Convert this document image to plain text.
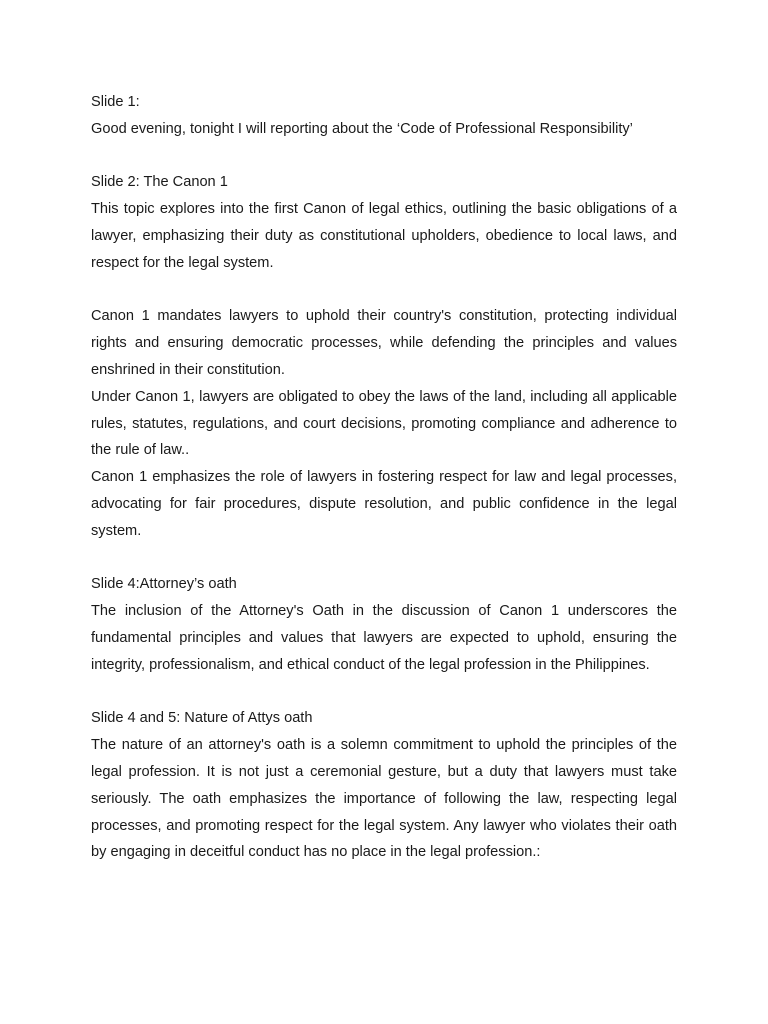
Slide 1:

Good evening, tonight I will reporting about the ‘Code of Professional Responsibility’

Slide 2: The Canon 1

This topic explores into the first Canon of legal ethics, outlining the basic obligations of a lawyer, emphasizing their duty as constitutional upholders, obedience to local laws, and respect for the legal system.

Canon 1 mandates lawyers to uphold their country's constitution, protecting individual rights and ensuring democratic processes, while defending the principles and values enshrined in their constitution.

Under Canon 1, lawyers are obligated to obey the laws of the land, including all applicable rules, statutes, regulations, and court decisions, promoting compliance and adherence to the rule of law..

Canon 1 emphasizes the role of lawyers in fostering respect for law and legal processes, advocating for fair procedures, dispute resolution, and public confidence in the legal system.

Slide 4:Attorney’s oath

The inclusion of the Attorney's Oath in the discussion of Canon 1 underscores the fundamental principles and values that lawyers are expected to uphold, ensuring the integrity, professionalism, and ethical conduct of the legal profession in the Philippines.

Slide 4 and 5: Nature of Attys oath

The nature of an attorney's oath is a solemn commitment to uphold the principles of the legal profession. It is not just a ceremonial gesture, but a duty that lawyers must take seriously. The oath emphasizes the importance of following the law, respecting legal processes, and promoting respect for the legal system. Any lawyer who violates their oath by engaging in deceitful conduct has no place in the legal profession.:
